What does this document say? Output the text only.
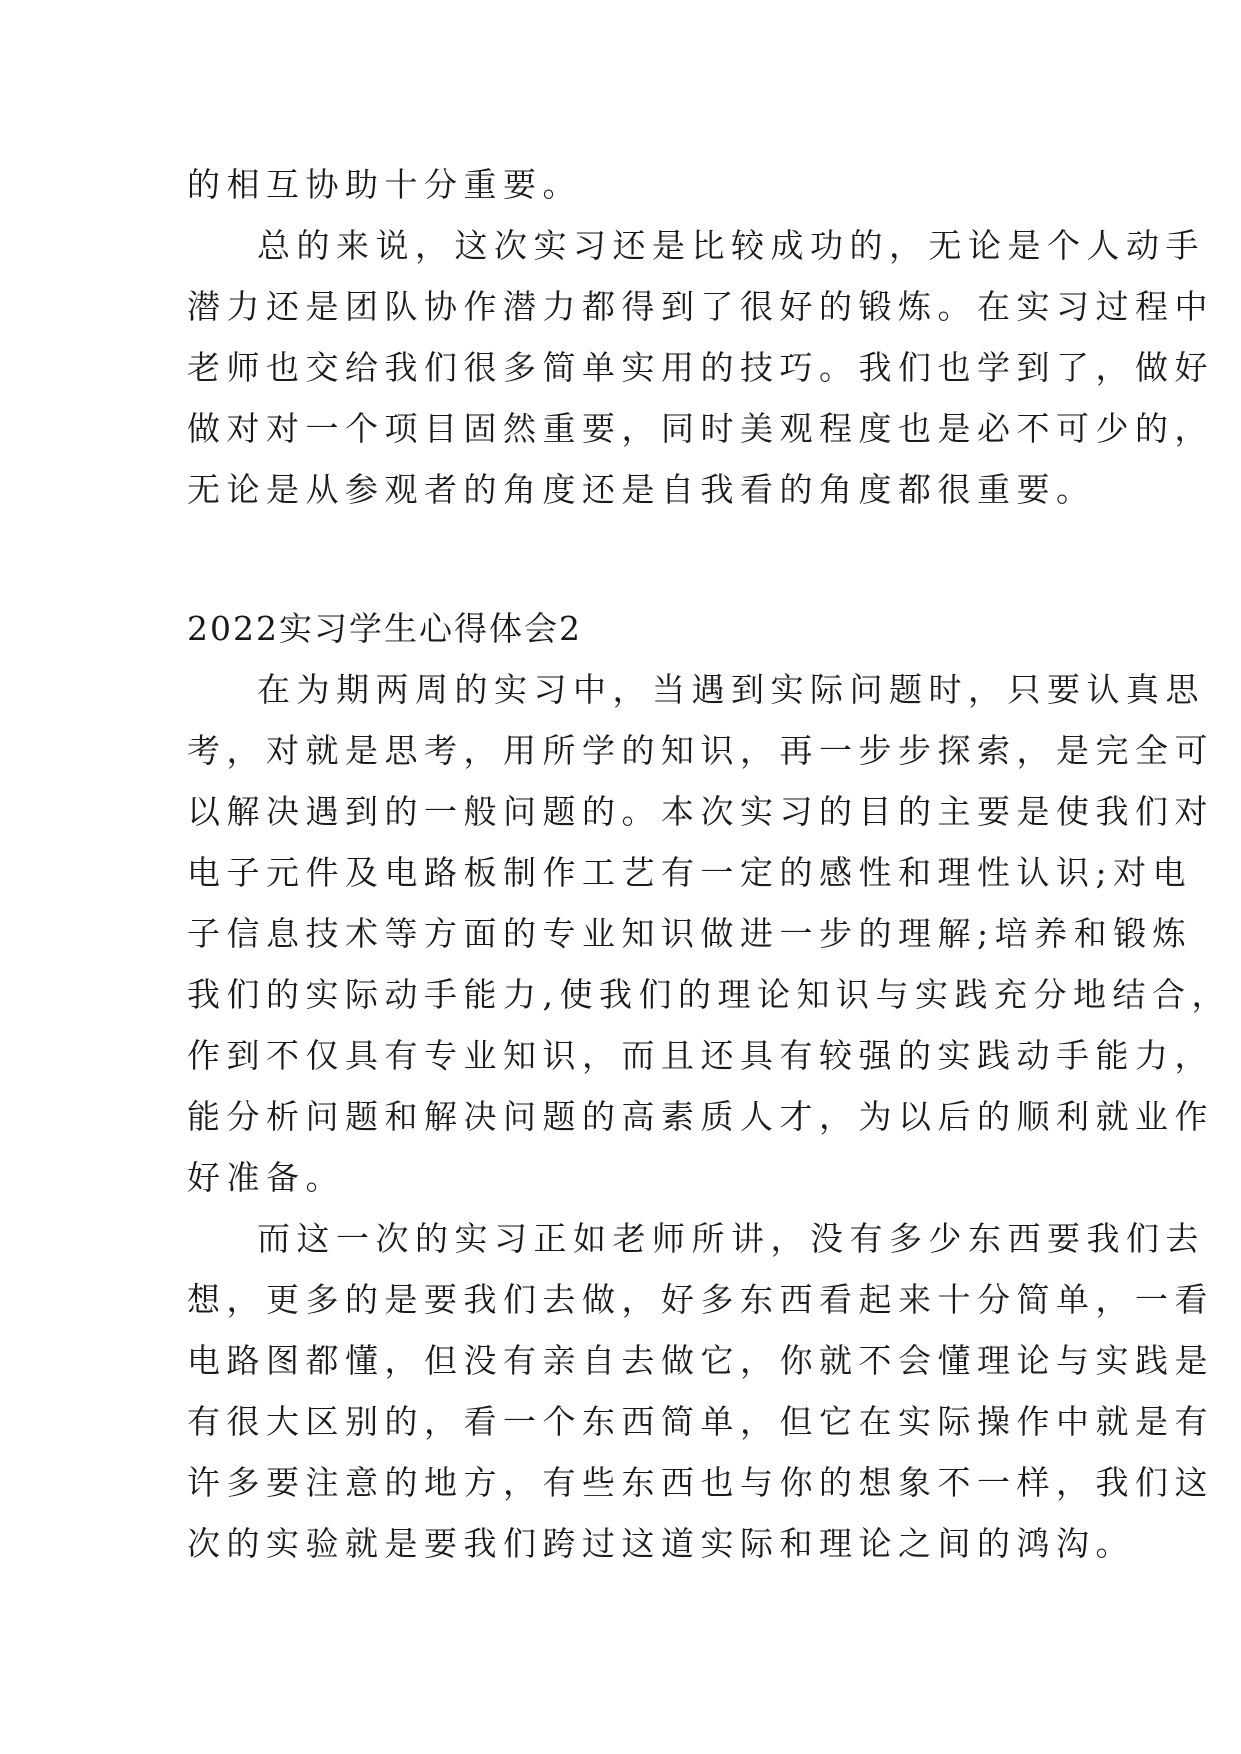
的相互协助十分重要。
总的来说，这次实习还是比较成功的，无论是个人动手
潜力还是团队协作潜力都得到了很好的锻炼。在实习过程中
老师也交给我们很多简单实用的技巧。我们也学到了，做好
做对对一个项目固然重要，同时美观程度也是必不可少的，
无论是从参观者的角度还是自我看的角度都很重要。
2022实习学生心得体会2
在为期两周的实习中，当遇到实际问题时，只要认真思
考，对就是思考，用所学的知识，再一步步探索，是完全可
以解决遇到的一般问题的。本次实习的目的主要是使我们对
电子元件及电路板制作工艺有一定的感性和理性认识;对电
子信息技术等方面的专业知识做进一步的理解;培养和锻炼
我们的实际动手能力,使我们的理论知识与实践充分地结合，
作到不仅具有专业知识，而且还具有较强的实践动手能力，
能分析问题和解决问题的高素质人才，为以后的顺利就业作
好准备。
而这一次的实习正如老师所讲，没有多少东西要我们去
想，更多的是要我们去做，好多东西看起来十分简单，一看
电路图都懂，但没有亲自去做它，你就不会懂理论与实践是
有很大区别的，看一个东西简单，但它在实际操作中就是有
许多要注意的地方，有些东西也与你的想象不一样，我们这
次的实验就是要我们跨过这道实际和理论之间的鸿沟。
